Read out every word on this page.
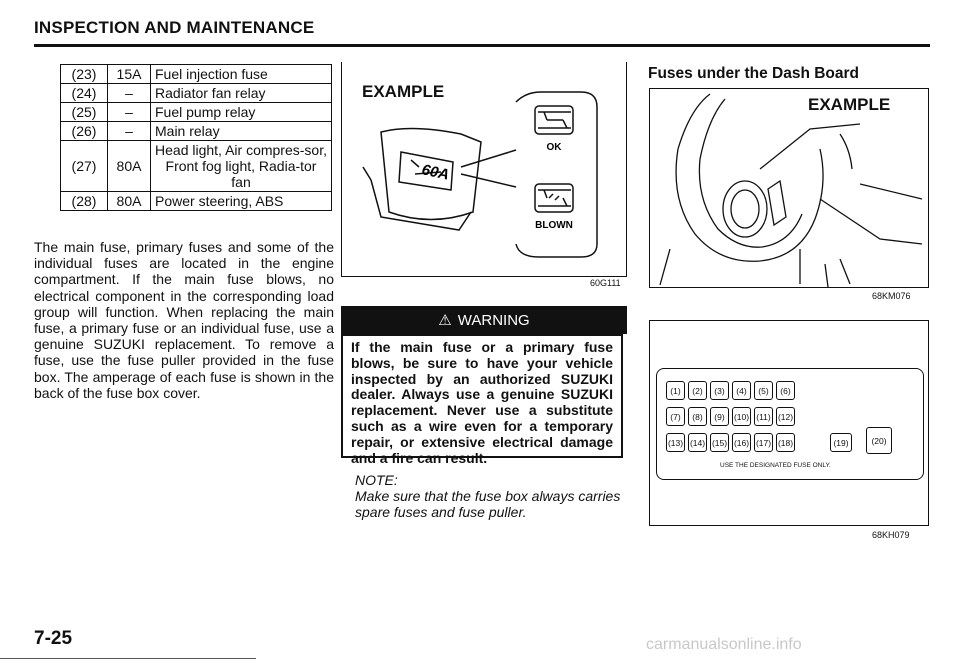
INSPECTION AND MAINTENANCE
(23)	15A	Fuel injection fuse
(24)	–	Radiator fan relay
(25)	–	Fuel pump relay
(26)	–	Main relay
(27)	80A	Head light, Air compres-sor, Front fog light, Radia-tor fan
(28)	80A	Power steering, ABS
The main fuse, primary fuses and some of the individual fuses are located in the engine compartment. If the main fuse blows, no electrical component in the corresponding load group will function. When replacing the main fuse, a primary fuse or an individual fuse, use a genuine SUZUKI replacement. To remove a fuse, use the fuse puller provided in the fuse box. The amperage of each fuse is shown in the back of the fuse box cover.
EXAMPLE
60A
OK
BLOWN
60G111
⚠ WARNING
If the main fuse or a primary fuse blows, be sure to have your vehicle inspected by an authorized SUZUKI dealer. Always use a genuine SUZUKI replacement. Never use a substitute such as a wire even for a temporary repair, or extensive electrical damage and a fire can result.
NOTE:
Make sure that the fuse box always carries spare fuses and fuse puller.
Fuses under the Dash Board
EXAMPLE
68KM076
(1)	(2)	(3)	(4)	(5)	(6)
(7)	(8)	(9)	(10) (11) (12)
(13) (14) (15) (16) (17) (18)	(19)	(20)
USE THE DESIGNATED FUSE ONLY.
68KH079
7-25	carmanualsonline.info
